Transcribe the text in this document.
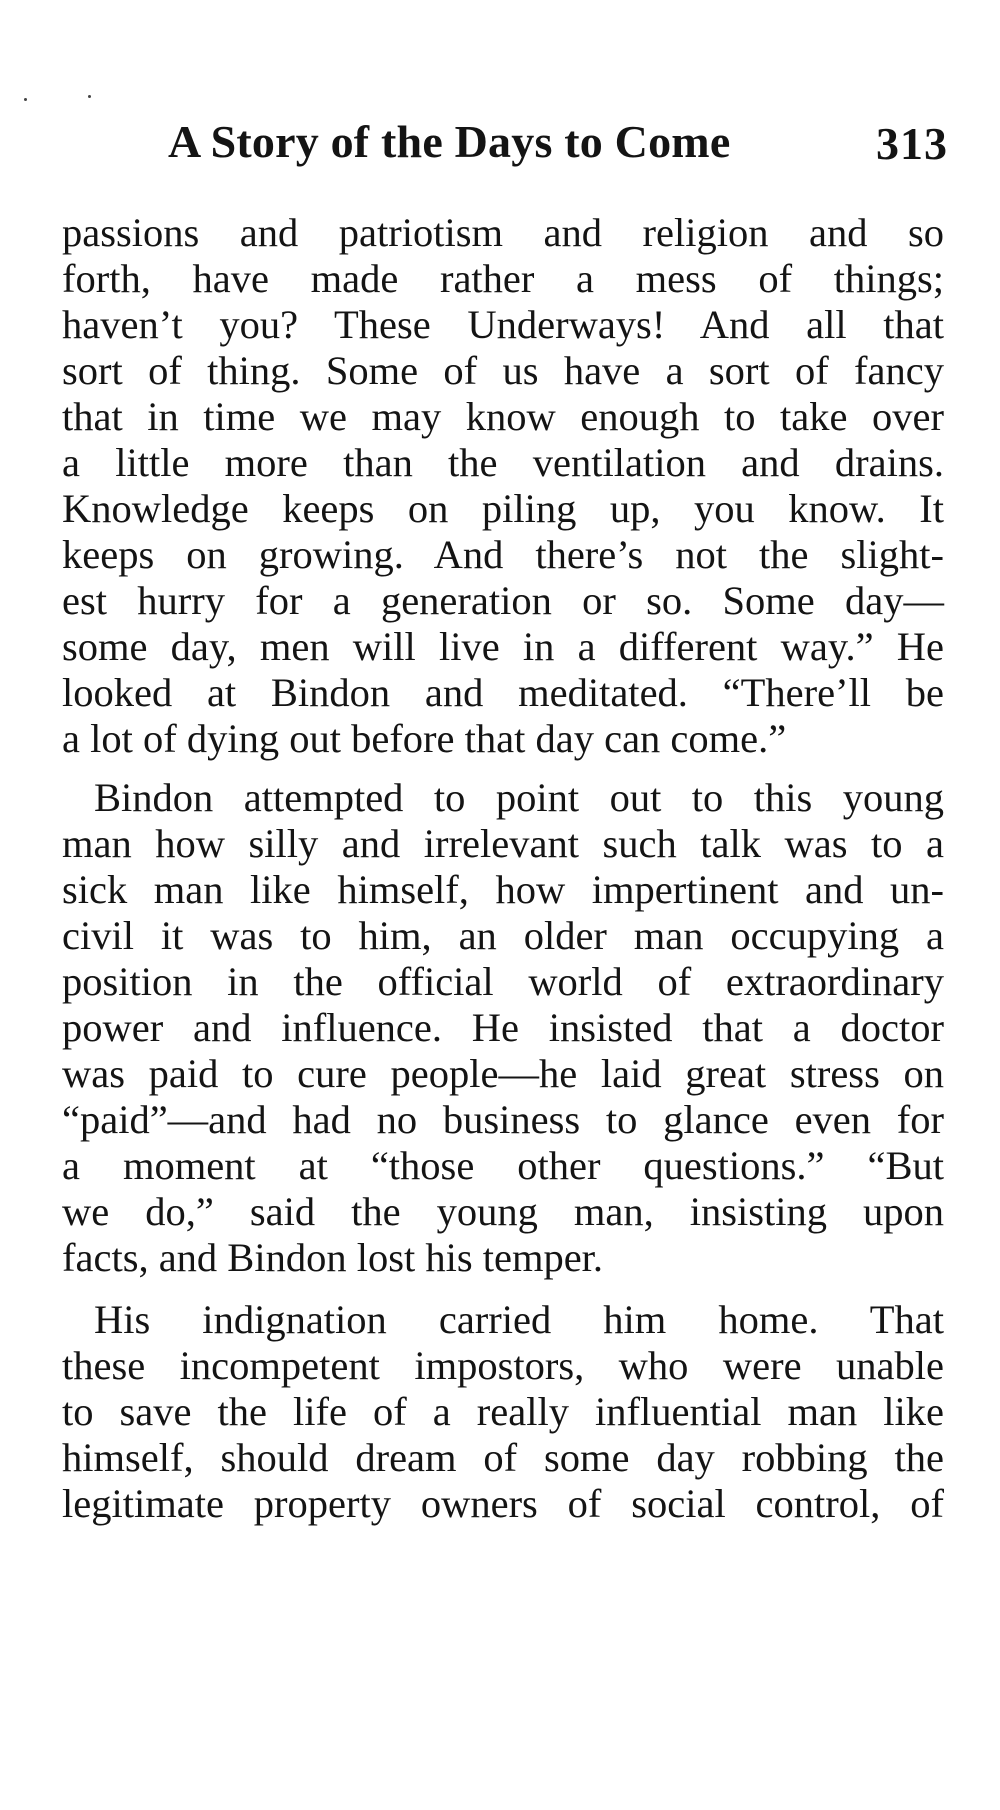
A Story of the Days to Come	313
passions and patriotism and religion and so
forth, have made rather a mess of things;
haven’t you? These Underways! And all that
sort of thing. Some of us have a sort of fancy
that in time we may know enough to take over
a little more than the ventilation and drains.
Knowledge keeps on piling up, you know. It
keeps on growing. And there’s not the slight-
est hurry for a generation or so. Some day—
some day, men will live in a different way.” He
looked at Bindon and meditated. “There’ll be
a lot of dying out before that day can come.”
Bindon attempted to point out to this young
man how silly and irrelevant such talk was to a
sick man like himself, how impertinent and un-
civil it was to him, an older man occupying a
position in the official world of extraordinary
power and influence. He insisted that a doctor
was paid to cure people—he laid great stress on
“paid”—and had no business to glance even for
a moment at “those other questions.” “But
we do,” said the young man, insisting upon
facts, and Bindon lost his temper.
His indignation carried him home. That
these incompetent impostors, who were unable
to save the life of a really influential man like
himself, should dream of some day robbing the
legitimate property owners of social control, of
